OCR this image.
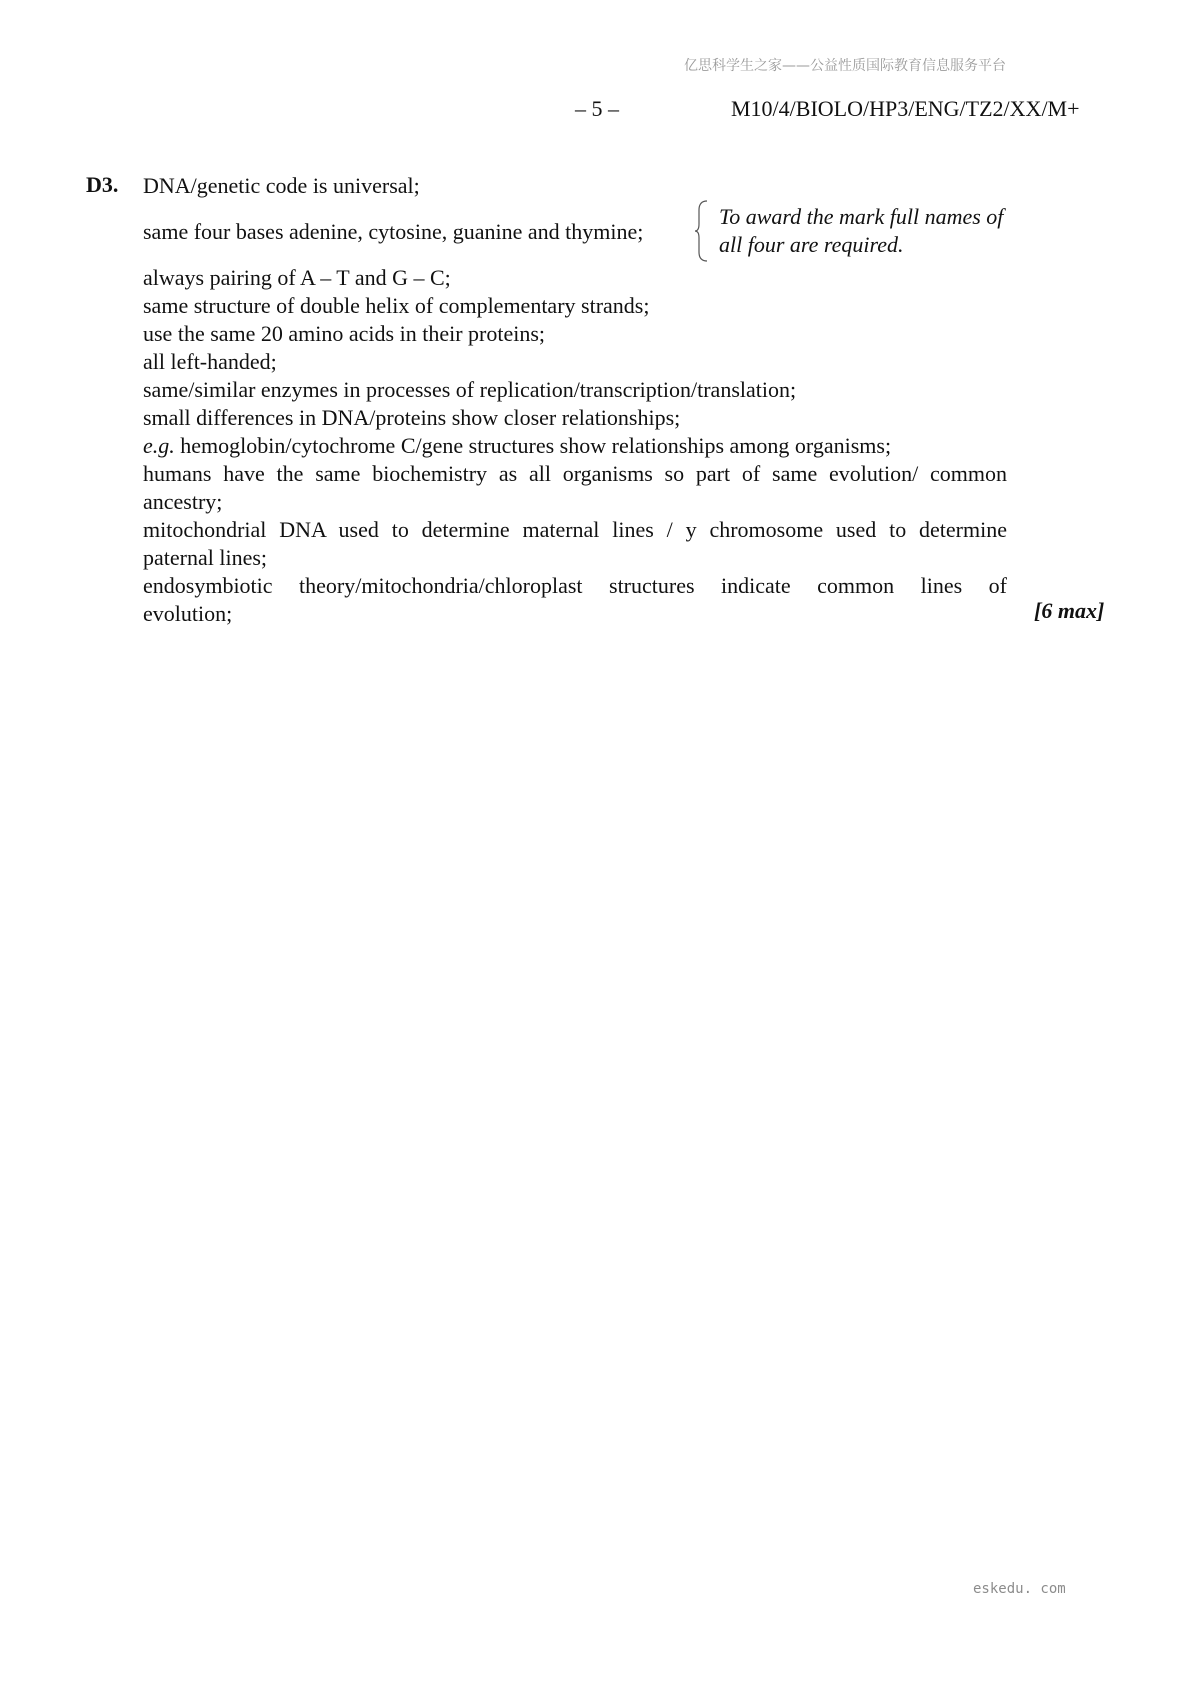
亿思科学生之家——公益性质国际教育信息服务平台
– 5 –	M10/4/BIOLO/HP3/ENG/TZ2/XX/M+
D3. DNA/genetic code is universal;
same four bases adenine, cytosine, guanine and thymine;
To award the mark full names of all four are required.
always pairing of A – T and G – C;
same structure of double helix of complementary strands;
use the same 20 amino acids in their proteins;
all left-handed;
same/similar enzymes in processes of replication/transcription/translation;
small differences in DNA/proteins show closer relationships;
e.g. hemoglobin/cytochrome C/gene structures show relationships among organisms;
humans have the same biochemistry as all organisms so part of same evolution/ common
ancestry;
mitochondrial DNA used to determine maternal lines / y chromosome used to determine
paternal lines;
endosymbiotic theory/mitochondria/chloroplast structures indicate common lines of
evolution;	[6 max]
eskedu. com
